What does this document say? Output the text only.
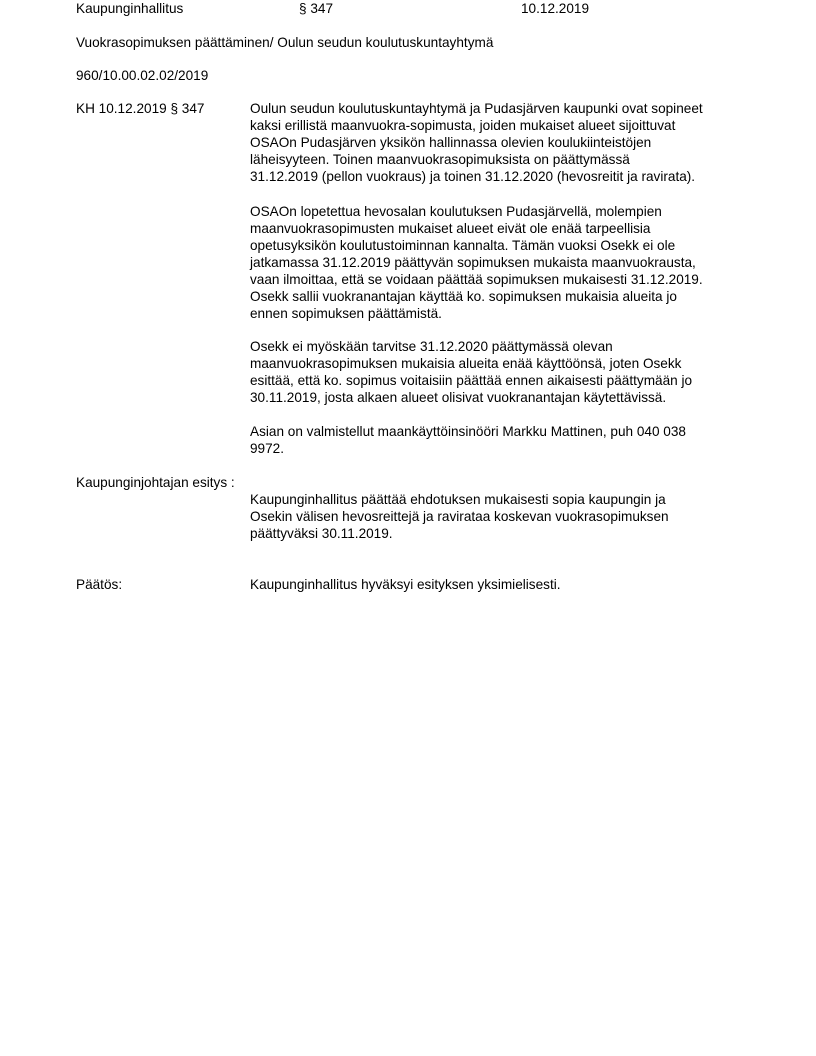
Kaupunginhallitus	§ 347	10.12.2019
Vuokrasopimuksen päättäminen/ Oulun seudun koulutuskuntayhtymä
960/10.00.02.02/2019
KH 10.12.2019 § 347	Oulun seudun koulutuskuntayhtymä ja Pudasjärven kaupunki ovat sopineet
kaksi erillistä maanvuokra-sopimusta, joiden mukaiset alueet sijoittuvat
OSAOn Pudasjärven yksikön hallinnassa olevien koulukiinteistöjen
läheisyyteen. Toinen maanvuokrasopimuksista on päättymässä
31.12.2019 (pellon vuokraus) ja toinen 31.12.2020 (hevosreitit ja ravirata).
OSAOn lopetettua hevosalan koulutuksen Pudasjärvellä, molempien
maanvuokrasopimusten mukaiset alueet eivät ole enää tarpeellisia
opetusyksikön koulutustoiminnan kannalta. Tämän vuoksi Osekk ei ole
jatkamassa 31.12.2019 päättyvän sopimuksen mukaista maanvuokrausta,
vaan ilmoittaa, että se voidaan päättää sopimuksen mukaisesti 31.12.2019.
Osekk sallii vuokranantajan käyttää ko. sopimuksen mukaisia alueita jo
ennen sopimuksen päättämistä.
Osekk ei myöskään tarvitse 31.12.2020 päättymässä olevan
maanvuokrasopimuksen mukaisia alueita enää käyttöönsä, joten Osekk
esittää, että ko. sopimus voitaisiin päättää ennen aikaisesti päättymään jo
30.11.2019, josta alkaen alueet olisivat vuokranantajan käytettävissä.
Asian on valmistellut maankäyttöinsinööri Markku Mattinen, puh 040 038
9972.
Kaupunginjohtajan esitys :
Kaupunginhallitus päättää ehdotuksen mukaisesti sopia kaupungin ja
Osekin välisen hevosreittejä ja ravirataa koskevan vuokrasopimuksen
päättyväksi 30.11.2019.
Päätös:	Kaupunginhallitus hyväksyi esityksen yksimielisesti.
